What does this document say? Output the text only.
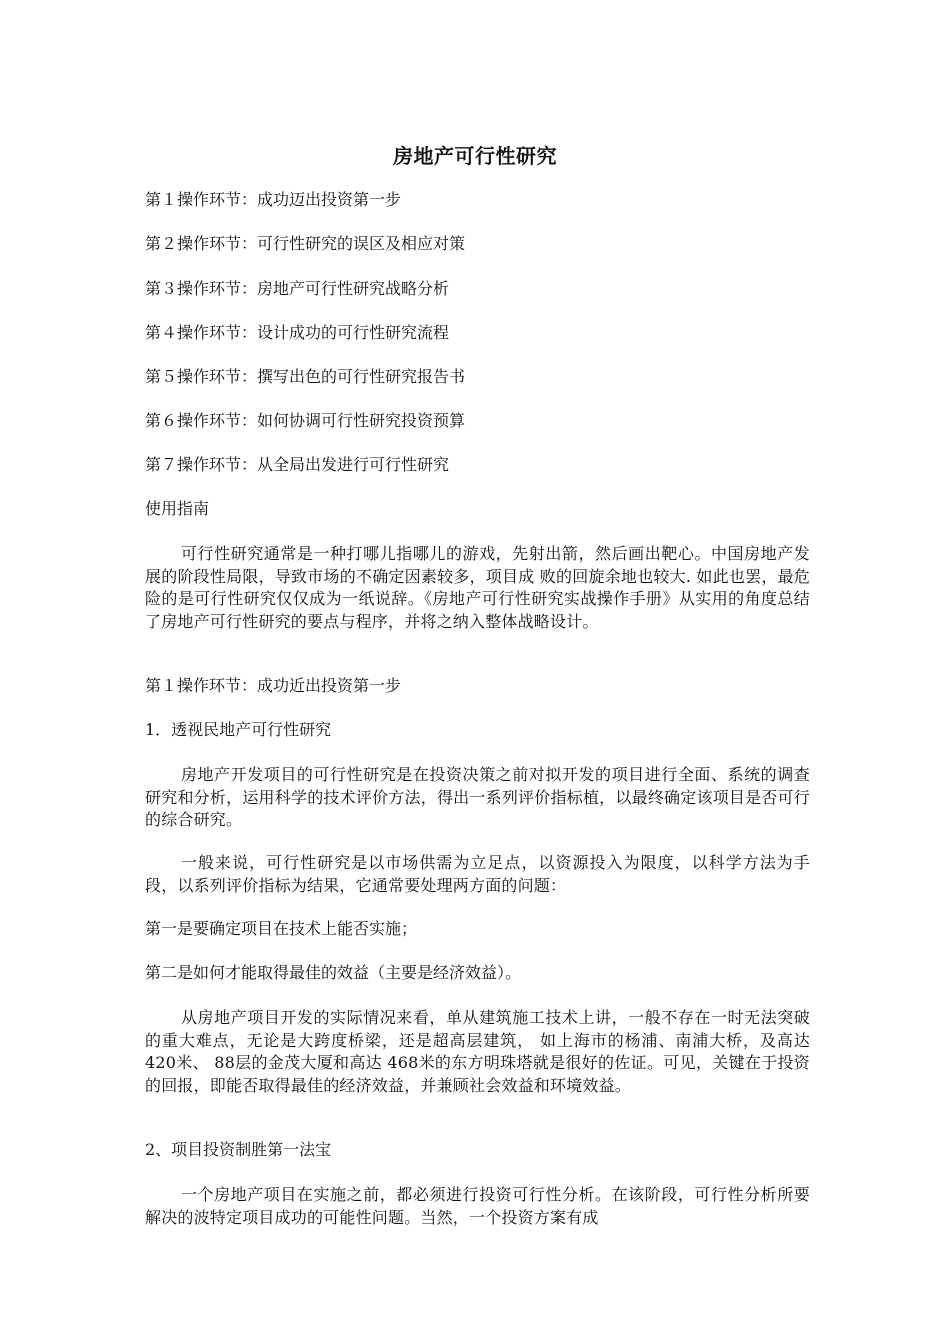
房地产可行性研究
第１操作环节：成功迈出投资第一步
第２操作环节：可行性研究的误区及相应对策
第３操作环节：房地产可行性研究战略分析
第４操作环节：设计成功的可行性研究流程
第５操作环节：撰写出色的可行性研究报告书
第６操作环节：如何协调可行性研究投资预算
第７操作环节：从全局出发进行可行性研究
使用指南
可行性研究通常是一种打哪儿指哪儿的游戏，先射出箭，然后画出靶心。中国房地产发展的阶段性局限，导致市场的不确定因素较多，项目成 败的回旋余地也较大. 如此也罢，最危险的是可行性研究仅仅成为一纸说辞。《房地产可行性研究实战操作手册》从实用的角度总结了房地产可行性研究的要点与程序，并将之纳入整体战略设计。
第１操作环节：成功近出投资第一步
1．透视民地产可行性研究
房地产开发项目的可行性研究是在投资决策之前对拟开发的项目进行全面、系统的调查研究和分析，运用科学的技术评价方法，得出一系列评价指标植，以最终确定该项目是否可行的综合研究。
一般来说，可行性研究是以市场供需为立足点，以资源投入为限度，以科学方法为手段，以系列评价指标为结果，它通常要处理两方面的问题：
第一是要确定项目在技术上能否实施；
第二是如何才能取得最佳的效益（主要是经济效益）。
从房地产项目开发的实际情况来看，单从建筑施工技术上讲，一般不存在一时无法突破的重大难点，无论是大跨度桥梁，还是超高层建筑， 如上海市的杨浦、南浦大桥，及高达 420米、 88层的金茂大厦和高达 468米的东方明珠塔就是很好的佐证。可见，关键在于投资的回报，即能否取得最佳的经济效益，并兼顾社会效益和环境效益。
2、项目投资制胜第一法宝
一个房地产项目在实施之前，都必须进行投资可行性分析。在该阶段，可行性分析所要解决的波特定项目成功的可能性问题。当然，一个投资方案有成
